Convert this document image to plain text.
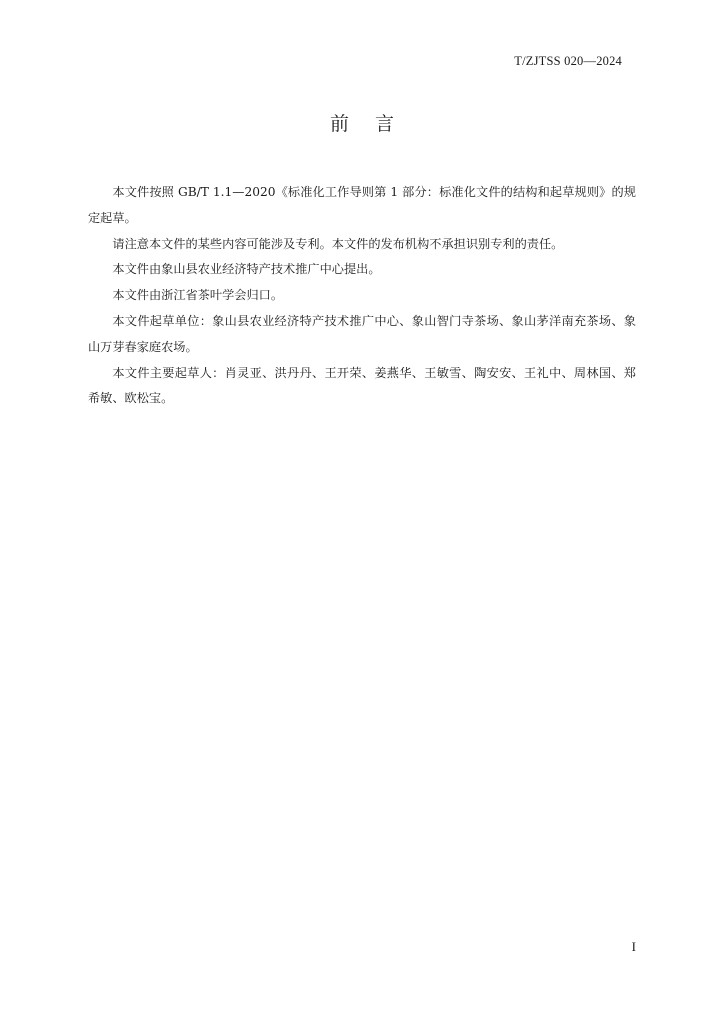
T/ZJTSS 020—2024
前言

本文件按照 GB/T 1.1—2020《标准化工作导则第 1 部分：标准化文件的结构和起草规则》的规定起草。

请注意本文件的某些内容可能涉及专利。本文件的发布机构不承担识别专利的责任。

本文件由象山县农业经济特产技术推广中心提出。

本文件由浙江省茶叶学会归口。

本文件起草单位：象山县农业经济特产技术推广中心、象山智门寺茶场、象山茅洋南充茶场、象山万芽春家庭农场。

本文件主要起草人：肖灵亚、洪丹丹、王开荣、姜燕华、王敏雪、陶安安、王礼中、周林国、郑希敏、欧松宝。

I
